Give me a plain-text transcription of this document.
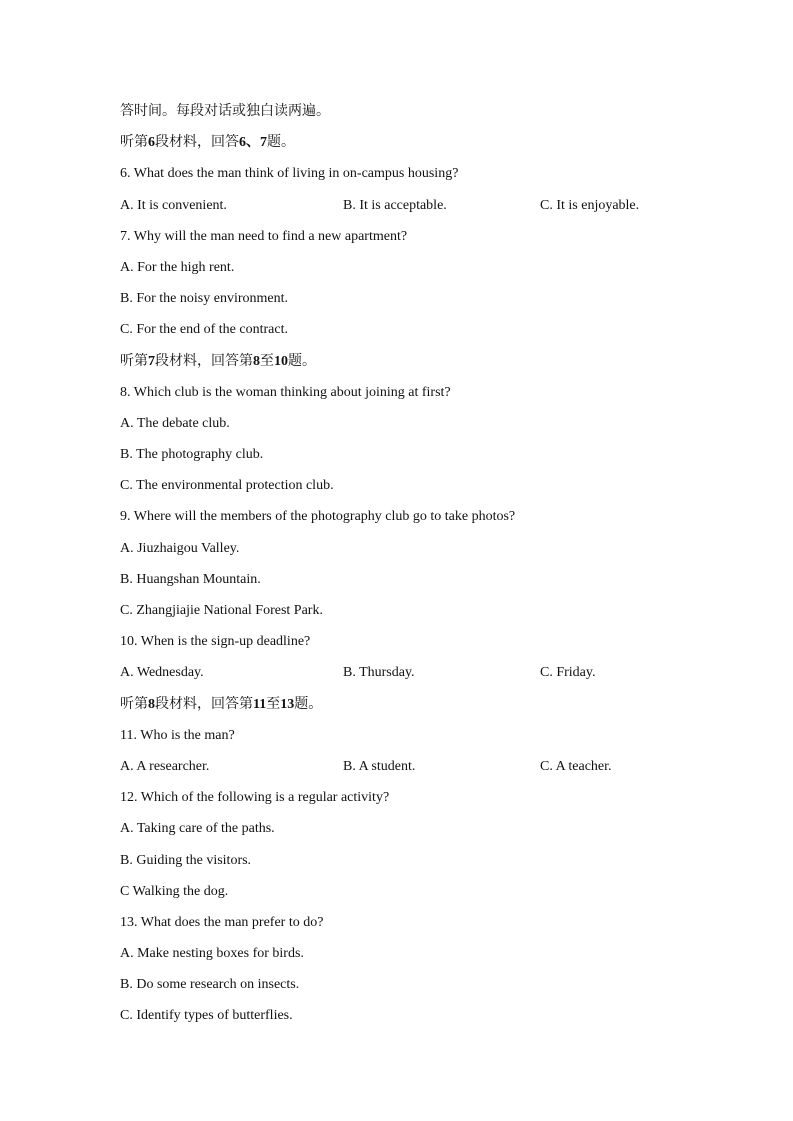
答时间。每段对话或独白读两遍。
听第6段材料，回答6、7题。
6. What does the man think of living in on-campus housing?
A. It is convenient.	B. It is acceptable.	C. It is enjoyable.
7. Why will the man need to find a new apartment?
A. For the high rent.
B. For the noisy environment.
C. For the end of the contract.
听第7段材料，回答第8至10题。
8. Which club is the woman thinking about joining at first?
A. The debate club.
B. The photography club.
C. The environmental protection club.
9. Where will the members of the photography club go to take photos?
A. Jiuzhaigou Valley.
B. Huangshan Mountain.
C. Zhangjiajie National Forest Park.
10. When is the sign-up deadline?
A. Wednesday.	B. Thursday.	C. Friday.
听第8段材料，回答第11至13题。
11. Who is the man?
A. A researcher.	B. A student.	C. A teacher.
12. Which of the following is a regular activity?
A. Taking care of the paths.
B. Guiding the visitors.
C Walking the dog.
13. What does the man prefer to do?
A. Make nesting boxes for birds.
B. Do some research on insects.
C. Identify types of butterflies.
